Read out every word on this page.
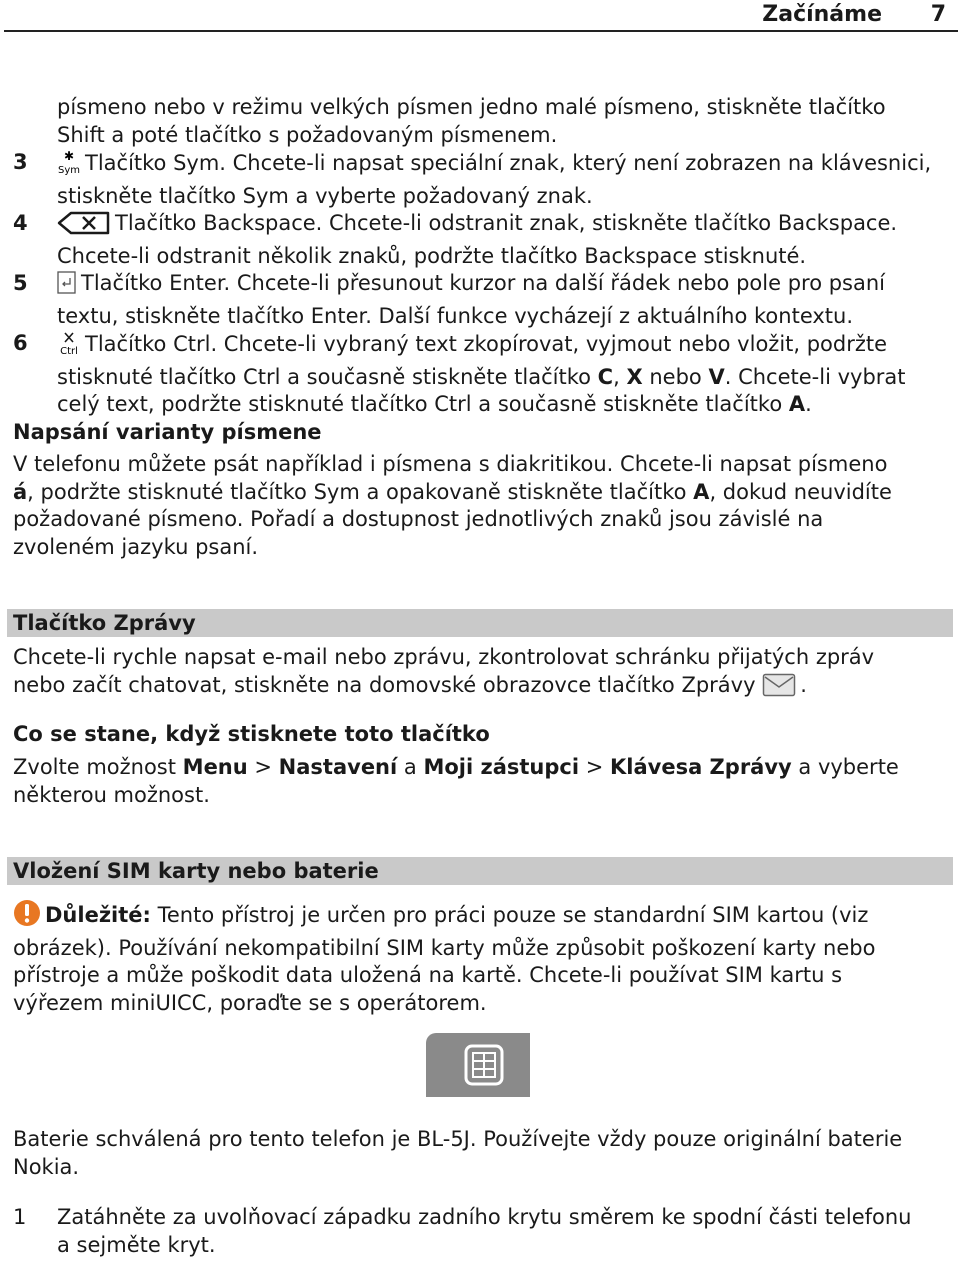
Začínáme 7
písmeno nebo v režimu velkých písmen jedno malé písmeno, stiskněte tlačítko
Shift a poté tlačítko s požadovaným písmenem.
3	✱
Sym Tlačítko Sym. Chcete-li napsat speciální znak, který není zobrazen na klávesnici,
stiskněte tlačítko Sym a vyberte požadovaný znak.
4	Tlačítko Backspace. Chcete-li odstranit znak, stiskněte tlačítko Backspace.
Chcete-li odstranit několik znaků, podržte tlačítko Backspace stisknuté.
5	Tlačítko Enter. Chcete-li přesunout kurzor na další řádek nebo pole pro psaní
textu, stiskněte tlačítko Enter. Další funkce vycházejí z aktuálního kontextu.
6	Ctrl Tlačítko Ctrl. Chcete-li vybraný text zkopírovat, vyjmout nebo vložit, podržte
stisknuté tlačítko Ctrl a současně stiskněte tlačítko C, X nebo V. Chcete-li vybrat
celý text, podržte stisknuté tlačítko Ctrl a současně stiskněte tlačítko A.
Napsání varianty písmene
V telefonu můžete psát například i písmena s diakritikou. Chcete-li napsat písmeno
á, podržte stisknuté tlačítko Sym a opakovaně stiskněte tlačítko A, dokud neuvidíte
požadované písmeno. Pořadí a dostupnost jednotlivých znaků jsou závislé na
zvoleném jazyku psaní.
Tlačítko Zprávy
Chcete-li rychle napsat e-mail nebo zprávu, zkontrolovat schránku přijatých zpráv
nebo začít chatovat, stiskněte na domovské obrazovce tlačítko Zprávy .
Co se stane, když stisknete toto tlačítko
Zvolte možnost Menu > Nastavení a Moji zástupci > Klávesa Zprávy a vyberte
některou možnost.
Vložení SIM karty nebo baterie
Důležité: Tento přístroj je určen pro práci pouze se standardní SIM kartou (viz
obrázek). Používání nekompatibilní SIM karty může způsobit poškození karty nebo
přístroje a může poškodit data uložená na kartě. Chcete-li používat SIM kartu s
výřezem miniUICC, poraďte se s operátorem.
Baterie schválená pro tento telefon je BL-5J. Používejte vždy pouze originální baterie
Nokia.
1	Zatáhněte za uvolňovací západku zadního krytu směrem ke spodní části telefonu
a sejměte kryt.
